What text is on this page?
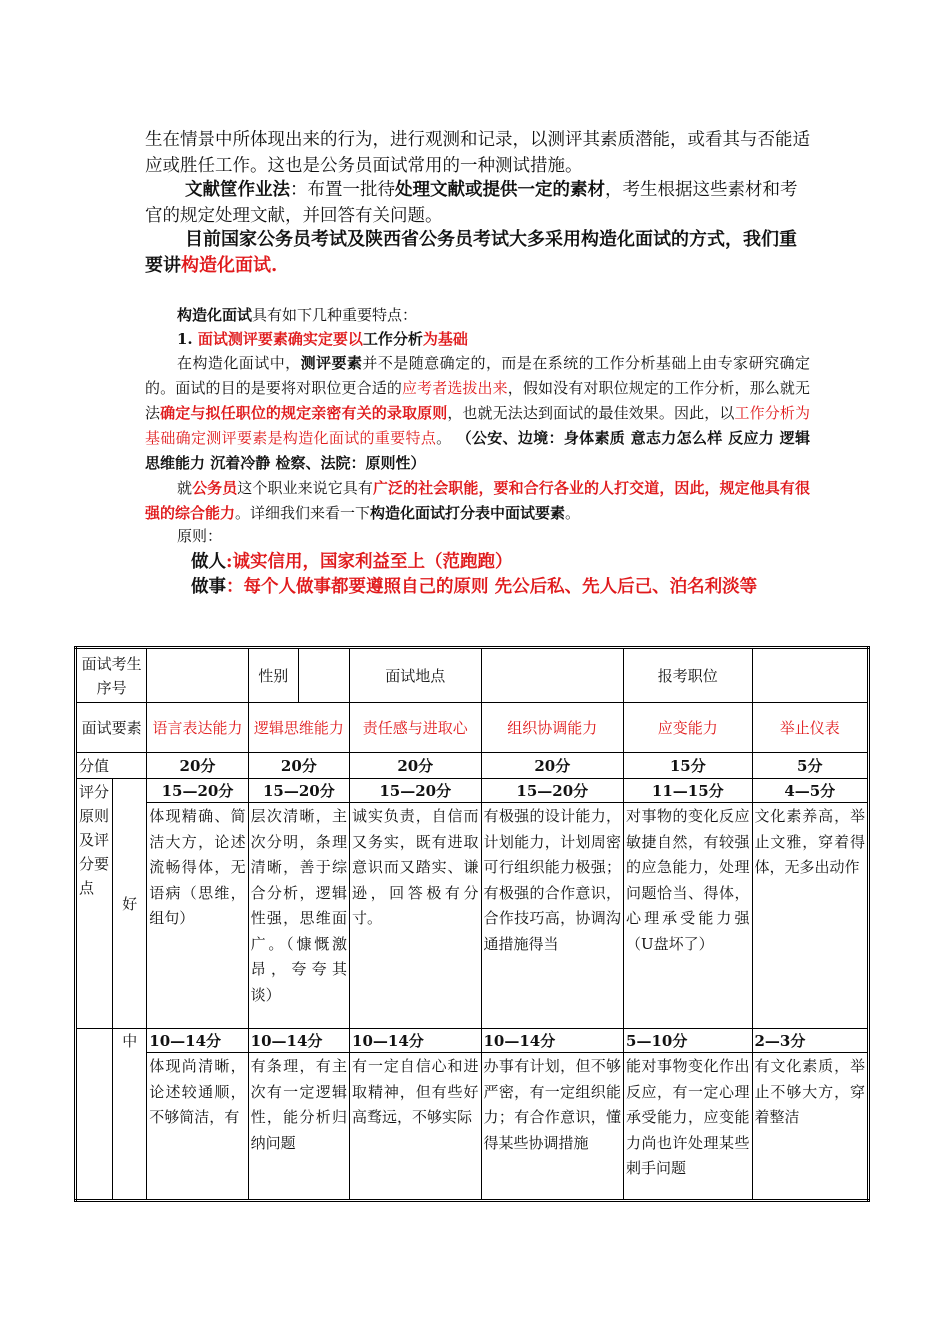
生在情景中所体现出来的行为，进行观测和记录，以测评其素质潜能，或看其与否能适应或胜任工作。这也是公务员面试常用的一种测试措施。

文献筐作业法：布置一批待处理文献或提供一定的素材，考生根据这些素材和考官的规定处理文献，并回答有关问题。

目前国家公务员考试及陕西省公务员考试大多采用构造化面试的方式，我们重要讲构造化面试.

构造化面试具有如下几种重要特点：

1. 面试测评要素确实定要以工作分析为基础

在构造化面试中，测评要素并不是随意确定的，而是在系统的工作分析基础上由专家研究确定的。面试的目的是要将对职位更合适的应考者选拔出来，假如没有对职位规定的工作分析，那么就无法确定与拟任职位的规定亲密有关的录取原则，也就无法达到面试的最佳效果。因此，以工作分析为基础确定测评要素是构造化面试的重要特点。 （公安、边境：身体素质 意志力怎么样 反应力 逻辑思维能力 沉着冷静 检察、法院：原则性）

就公务员这个职业来说它具有广泛的社会职能，要和合行各业的人打交道，因此，规定他具有很强的综合能力。详细我们来看一下构造化面试打分表中面试要素。

原则：

做人:诚实信用，国家利益至上（范跑跑）

做事：每个人做事都要遵照自己的原则 先公后私、先人后己、泊名利淡等

面试考生序号			性别		面试地点		报考职位	
面试要素		语言表达能力	逻辑思维能力		责任感与进取心	组织协调能力	应变能力	举止仪表
分值		20分	20分		20分	20分	15分	5分
评分原则及评分要点	好	15—20分	15—20分		15—20分	15—20分	11—15分	4—5分
		体现精确、简洁大方，论述流畅得体，无语病（思维，组句）	层次清晰，主次分明，条理清晰，善于综合分析，逻辑性强，思维面广。（慷慨激昂，夸夸其谈）		诚实负责，自信而又务实，既有进取意识而又踏实、谦逊，回答极有分寸。	有极强的设计能力，计划能力，计划周密可行组织能力极强；有极强的合作意识，合作技巧高，协调沟通措施得当	对事物的变化反应敏捷自然，有较强的应急能力，处理问题恰当、得体，心理承受能力强（U盘坏了）	文化素养高，举止文雅，穿着得体，无多出动作
	中	10—14分	10—14分		10—14分	10—14分	5—10分	2—3分
		体现尚清晰，论述较通顺，不够简洁，有	有条理，有主次有一定逻辑性，能分析归纳问题		有一定自信心和进取精神，但有些好高骛远，不够实际	办事有计划，但不够严密，有一定组织能力；有合作意识，懂得某些协调措施	能对事物变化作出反应，有一定心理承受能力，应变能力尚也许处理某些刺手问题	有文化素质，举止不够大方，穿着整洁
